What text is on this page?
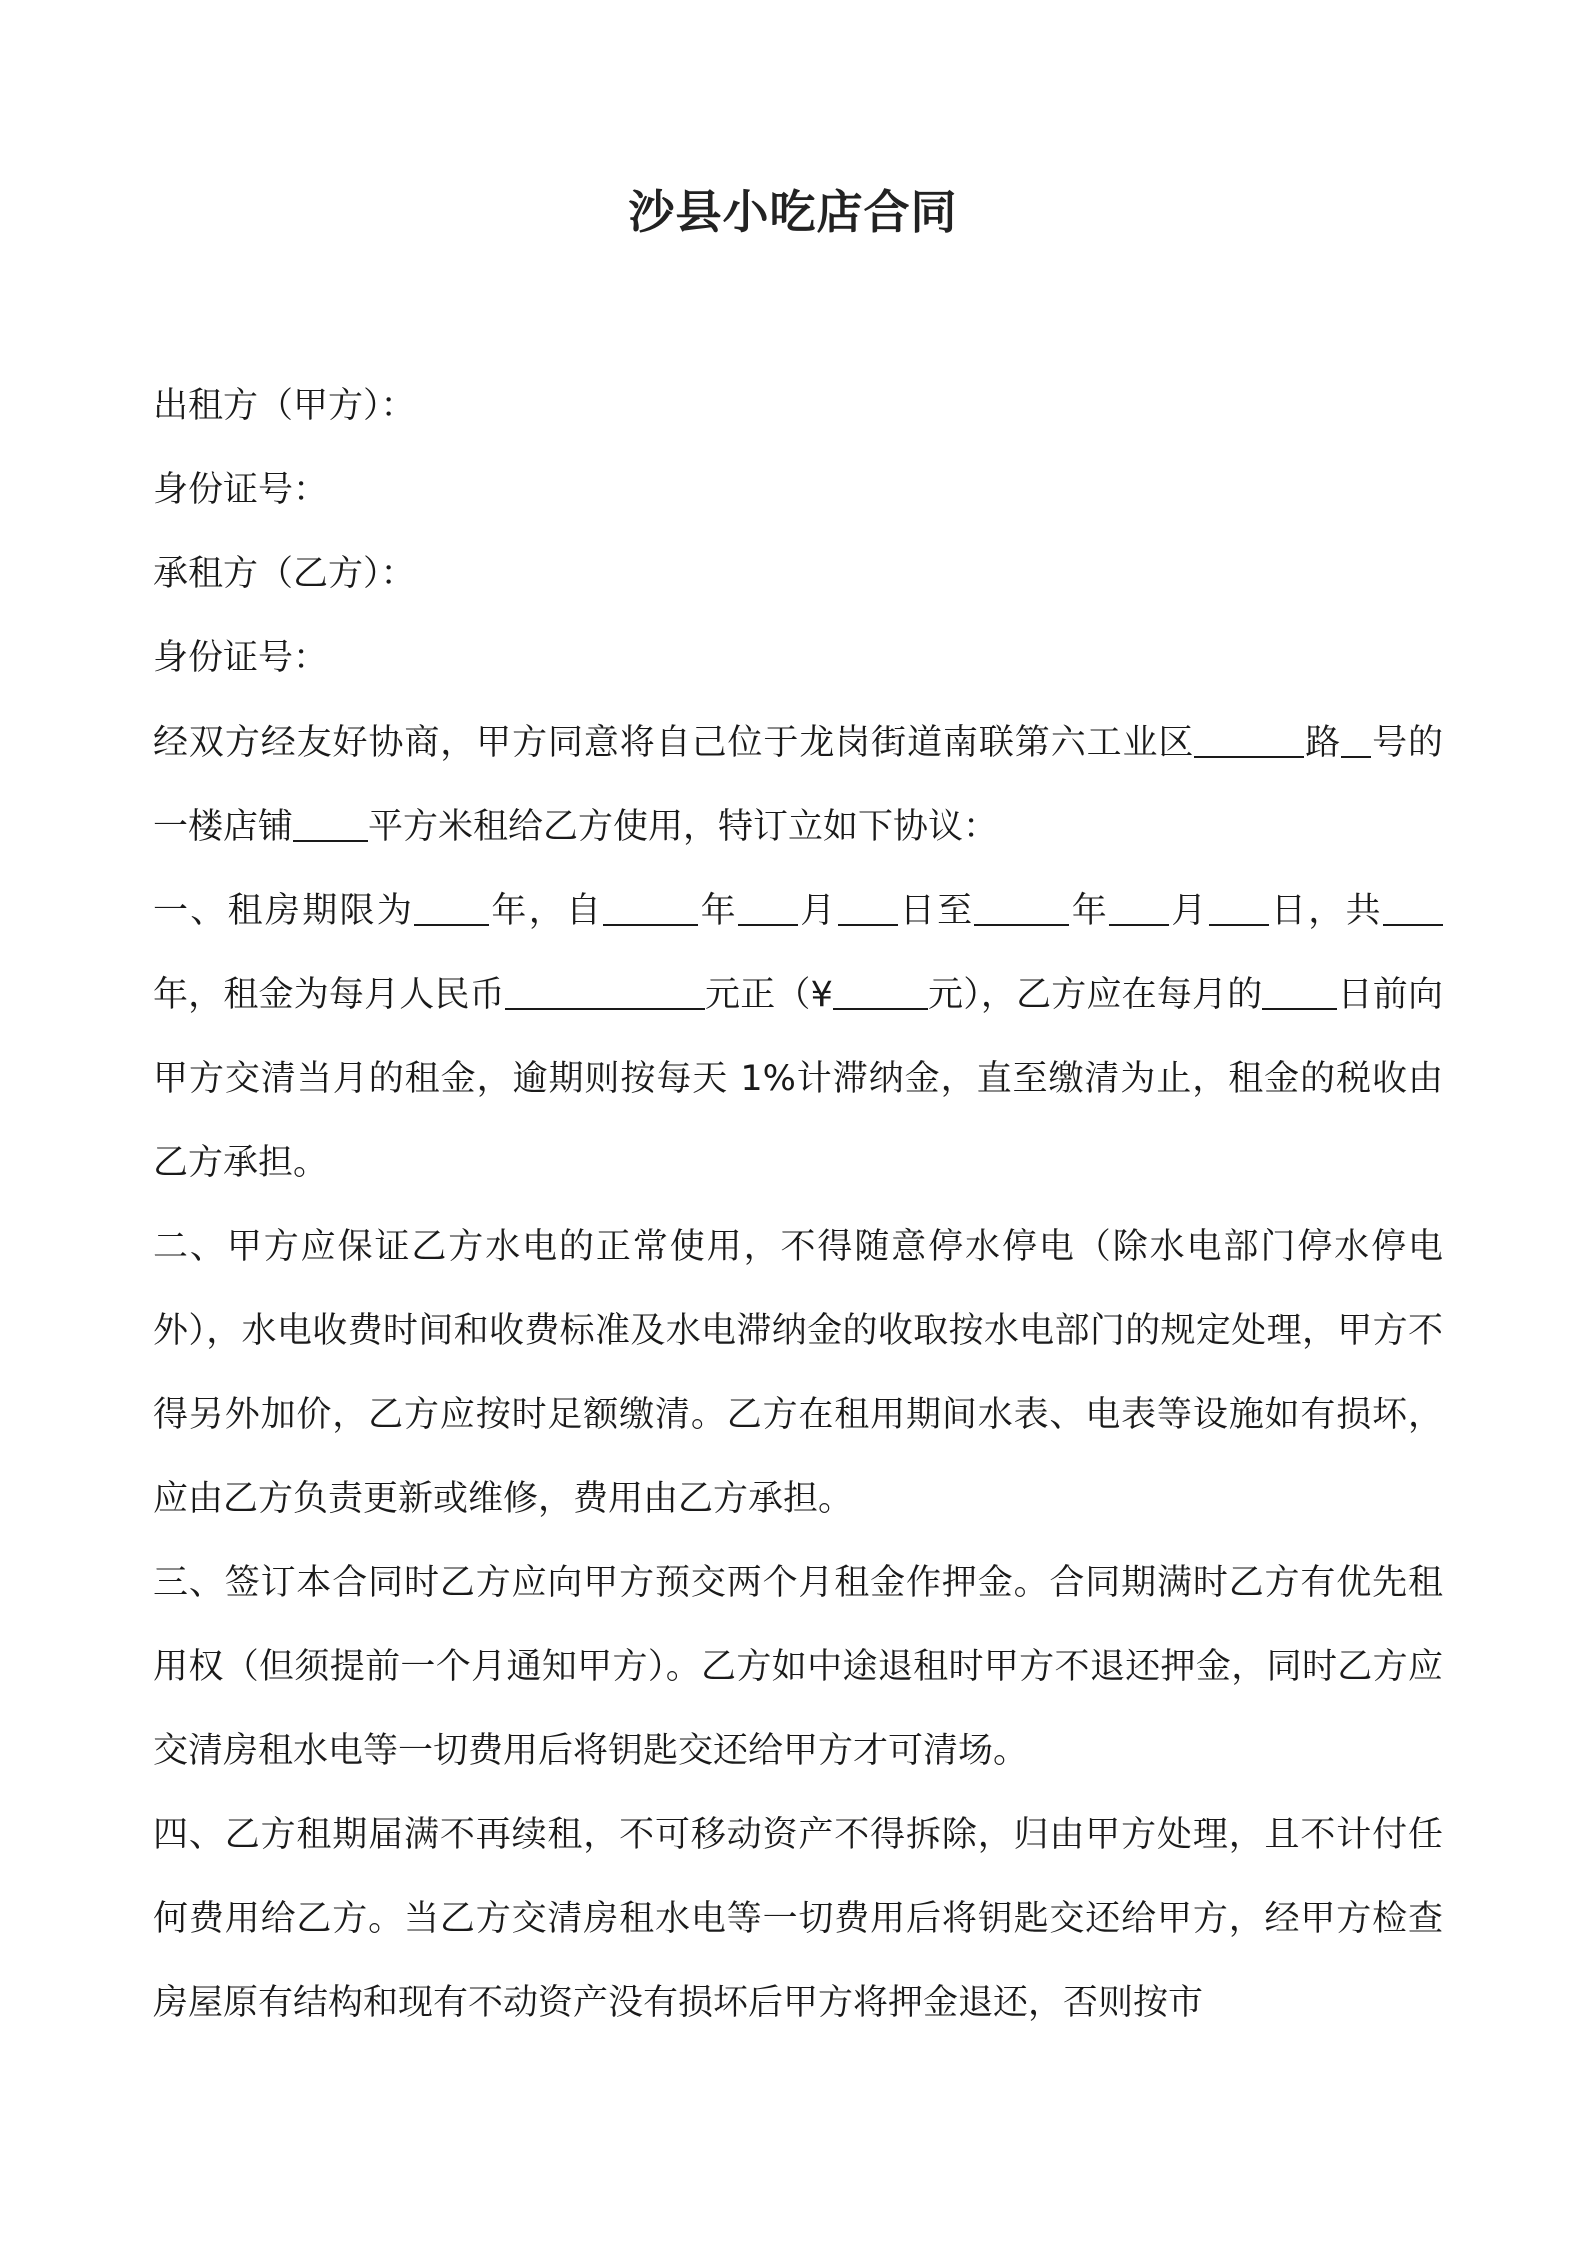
沙县小吃店合同
出租方（甲方）：
身份证号：
承租方（乙方）：
身份证号：
经双方经友好协商，甲方同意将自己位于龙岗街道南联第六工业区	路 号的一楼店铺 平方米租给乙方使用，特订立如下协议：
一、租房期限为 年，自	年 月 日至	年 月 日，共年，租金为每月人民币	元正（¥	元），乙方应在每月的 日前向甲方交清当月的租金，逾期则按每天 1%计滞纳金，直至缴清为止，租金的税收由乙方承担。
二、甲方应保证乙方水电的正常使用，不得随意停水停电（除水电部门停水停电外），水电收费时间和收费标准及水电滞纳金的收取按水电部门的规定处理，甲方不得另外加价，乙方应按时足额缴清。乙方在租用期间水表、电表等设施如有损坏，应由乙方负责更新或维修，费用由乙方承担。
三、签订本合同时乙方应向甲方预交两个月租金作押金。合同期满时乙方有优先租用权（但须提前一个月通知甲方）。乙方如中途退租时甲方不退还押金，同时乙方应交清房租水电等一切费用后将钥匙交还给甲方才可清场。
四、乙方租期届满不再续租，不可移动资产不得拆除，归由甲方处理，且不计付任何费用给乙方。当乙方交清房租水电等一切费用后将钥匙交还给甲方，经甲方检查房屋原有结构和现有不动资产没有损坏后甲方将押金退还，否则按市
